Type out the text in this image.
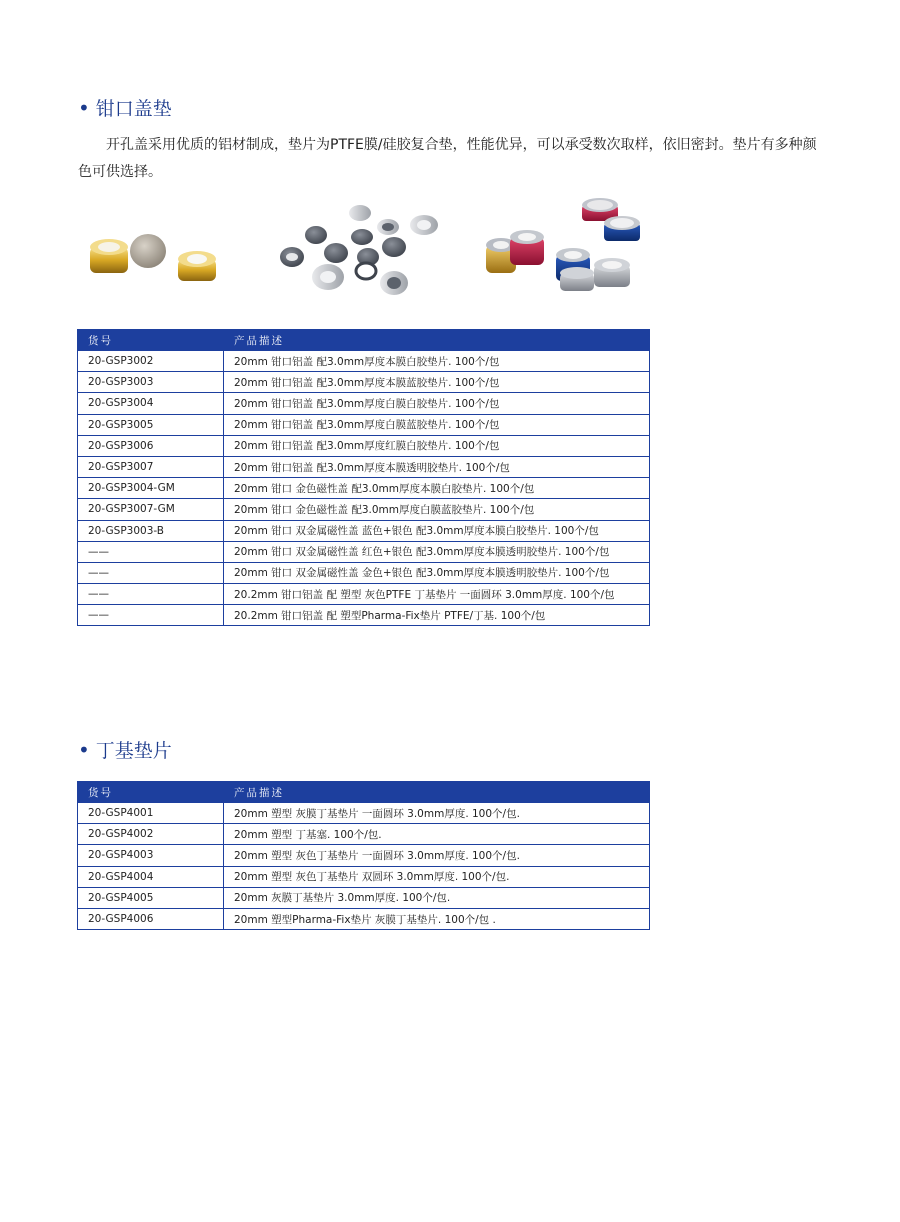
• 钳口盖垫

开孔盖采用优质的铝材制成，垫片为PTFE膜/硅胶复合垫，性能优异，可以承受数次取样，依旧密封。垫片有多种颜色可供选择。

货号	产品描述
20-GSP3002	20mm 钳口铝盖 配3.0mm厚度本膜白胶垫片. 100个/包
20-GSP3003	20mm 钳口铝盖 配3.0mm厚度本膜蓝胶垫片. 100个/包
20-GSP3004	20mm 钳口铝盖 配3.0mm厚度白膜白胶垫片. 100个/包
20-GSP3005	20mm 钳口铝盖 配3.0mm厚度白膜蓝胶垫片. 100个/包
20-GSP3006	20mm 钳口铝盖 配3.0mm厚度红膜白胶垫片. 100个/包
20-GSP3007	20mm 钳口铝盖 配3.0mm厚度本膜透明胶垫片. 100个/包
20-GSP3004-GM	20mm 钳口 金色磁性盖 配3.0mm厚度本膜白胶垫片. 100个/包
20-GSP3007-GM	20mm 钳口 金色磁性盖 配3.0mm厚度白膜蓝胶垫片. 100个/包
20-GSP3003-B	20mm 钳口 双金属磁性盖 蓝色+银色 配3.0mm厚度本膜白胶垫片. 100个/包
——	20mm 钳口 双金属磁性盖 红色+银色 配3.0mm厚度本膜透明胶垫片. 100个/包
——	20mm 钳口 双金属磁性盖 金色+银色 配3.0mm厚度本膜透明胶垫片. 100个/包
——	20.2mm 钳口铝盖 配 塑型 灰色PTFE 丁基垫片 一面圆环 3.0mm厚度. 100个/包
——	20.2mm 钳口铝盖 配 塑型Pharma-Fix垫片 PTFE/丁基. 100个/包
• 丁基垫片
货号	产品描述
20-GSP4001	20mm 塑型 灰膜丁基垫片 一面圆环 3.0mm厚度. 100个/包.
20-GSP4002	20mm 塑型 丁基塞. 100个/包.
20-GSP4003	20mm 塑型 灰色丁基垫片 一面圆环 3.0mm厚度. 100个/包.
20-GSP4004	20mm 塑型 灰色丁基垫片 双圆环 3.0mm厚度. 100个/包.
20-GSP4005	20mm 灰膜丁基垫片 3.0mm厚度. 100个/包.
20-GSP4006	20mm 塑型Pharma-Fix垫片 灰膜丁基垫片. 100个/包 .
